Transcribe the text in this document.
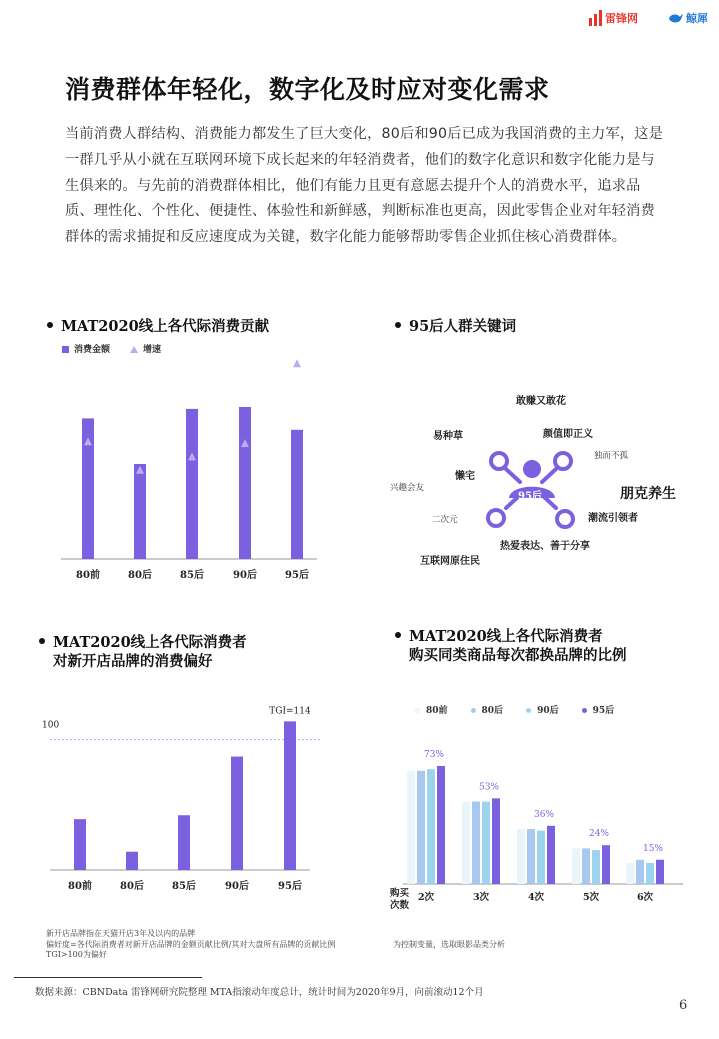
雷锋网	鲸犀
消费群体年轻化，数字化及时应对变化需求
当前消费人群结构、消费能力都发生了巨大变化，80后和90后已成为我国消费的主力军，这是一群几乎从小就在互联网环境下成长起来的年轻消费者，他们的数字化意识和数字化能力是与生俱来的。与先前的消费群体相比，他们有能力且更有意愿去提升个人的消费水平，追求品质、理性化、个性化、便捷性、体验性和新鲜感，判断标准也更高，因此零售企业对年轻消费群体的需求捕捉和反应速度成为关键，数字化能力能够帮助零售企业抓住核心消费群体。
MAT2020线上各代际消费贡献
消费金额	增速
80前	80后	85后	90后	95后
95后人群关键词
敢赚又敢花
易种草	颜值即正义
独而不孤
懒宅
兴趣会友
95后	朋克养生
二次元	潮流引领者
热爱表达、善于分享
互联网原住民
MAT2020线上各代际消费者
对新开店品牌的消费偏好
100
80前	80后	85后	90后	95后
TGI=114
MAT2020线上各代际消费者
购买同类商品每次都换品牌的比例
80前	80后	90后	95后
73%
2次
53%
3次
36%
4次
24%
5次
15%
6次
购买
次数
新开店品牌指在天猫开店3年及以内的品牌
偏好度=各代际消费者对新开店品牌的金额贡献比例/其对大盘所有品牌的贡献比例
TGI>100为偏好
为控制变量，选取眼影品类分析
数据来源：CBNData 雷锋网研究院整理 MTA指滚动年度总计，统计时间为2020年9月，向前滚动12个月
6
